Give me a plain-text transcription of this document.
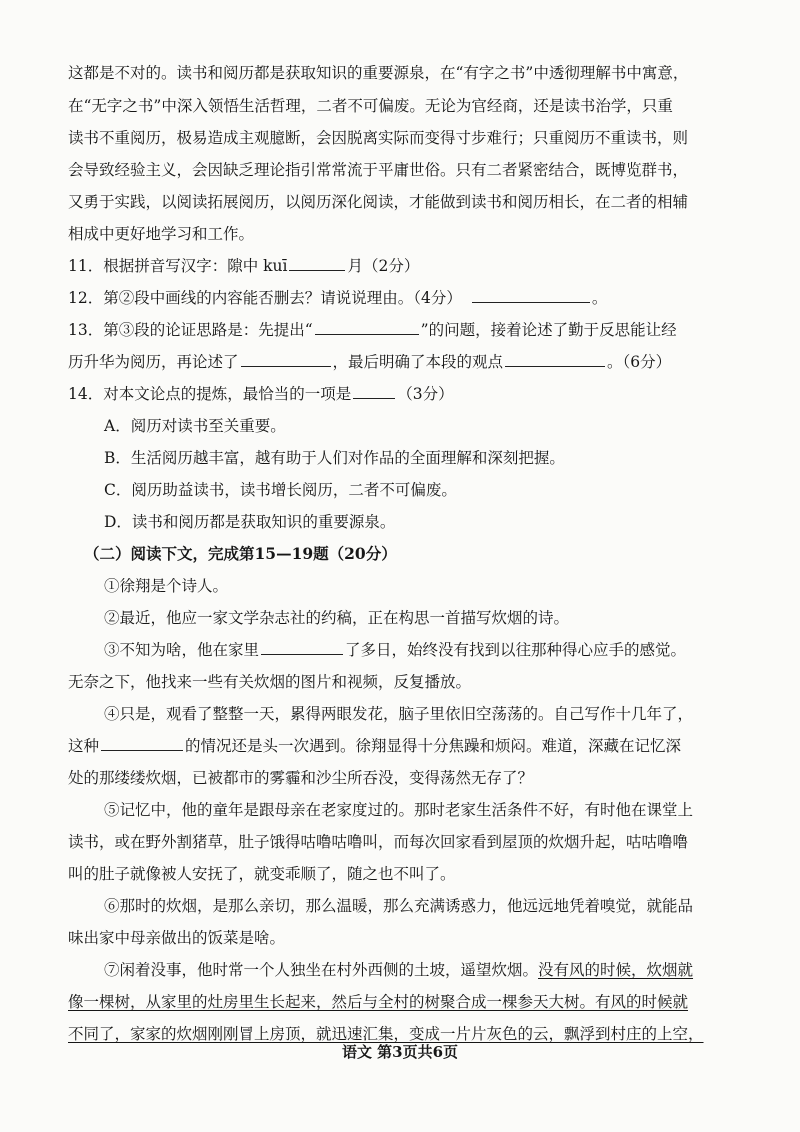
这都是不对的。读书和阅历都是获取知识的重要源泉，在“有字之书”中透彻理解书中寓意，
在“无字之书”中深入领悟生活哲理，二者不可偏废。无论为官经商，还是读书治学，只重
读书不重阅历，极易造成主观臆断，会因脱离实际而变得寸步难行；只重阅历不重读书，则
会导致经验主义，会因缺乏理论指引常常流于平庸世俗。只有二者紧密结合，既博览群书，
又勇于实践，以阅读拓展阅历，以阅历深化阅读，才能做到读书和阅历相长，在二者的相辅
相成中更好地学习和工作。
11．根据拼音写汉字：隙中 kuī	月（2分）
12．第②段中画线的内容能否删去？请说说理由。（4分）	。
13．第③段的论证思路是：先提出“	”的问题，接着论述了勤于反思能让经
历升华为阅历，再论述了	，最后明确了本段的观点	。（6分）
14．对本文论点的提炼，最恰当的一项是	（3分）
A．阅历对读书至关重要。
B．生活阅历越丰富，越有助于人们对作品的全面理解和深刻把握。
C．阅历助益读书，读书增长阅历，二者不可偏废。
D．读书和阅历都是获取知识的重要源泉。
（二）阅读下文，完成第15—19题（20分）
①徐翔是个诗人。
②最近，他应一家文学杂志社的约稿，正在构思一首描写炊烟的诗。
③不知为啥，他在家里	了多日，始终没有找到以往那种得心应手的感觉。
无奈之下，他找来一些有关炊烟的图片和视频，反复播放。
④只是，观看了整整一天，累得两眼发花，脑子里依旧空荡荡的。自己写作十几年了，
这种	的情况还是头一次遇到。徐翔显得十分焦躁和烦闷。难道，深藏在记忆深
处的那缕缕炊烟，已被都市的雾霾和沙尘所吞没，变得荡然无存了？
⑤记忆中，他的童年是跟母亲在老家度过的。那时老家生活条件不好，有时他在课堂上
读书，或在野外割猪草，肚子饿得咕噜咕噜叫，而每次回家看到屋顶的炊烟升起，咕咕噜噜
叫的肚子就像被人安抚了，就变乖顺了，随之也不叫了。
⑥那时的炊烟，是那么亲切，那么温暖，那么充满诱惑力，他远远地凭着嗅觉，就能品
味出家中母亲做出的饭菜是啥。
⑦闲着没事，他时常一个人独坐在村外西侧的土坡，遥望炊烟。没有风的时候，炊烟就
像一棵树，从家里的灶房里生长起来，然后与全村的树聚合成一棵参天大树。有风的时候就
不同了，家家的炊烟刚刚冒上房顶，就迅速汇集，变成一片片灰色的云，飘浮到村庄的上空，
语文 第3页共6页
